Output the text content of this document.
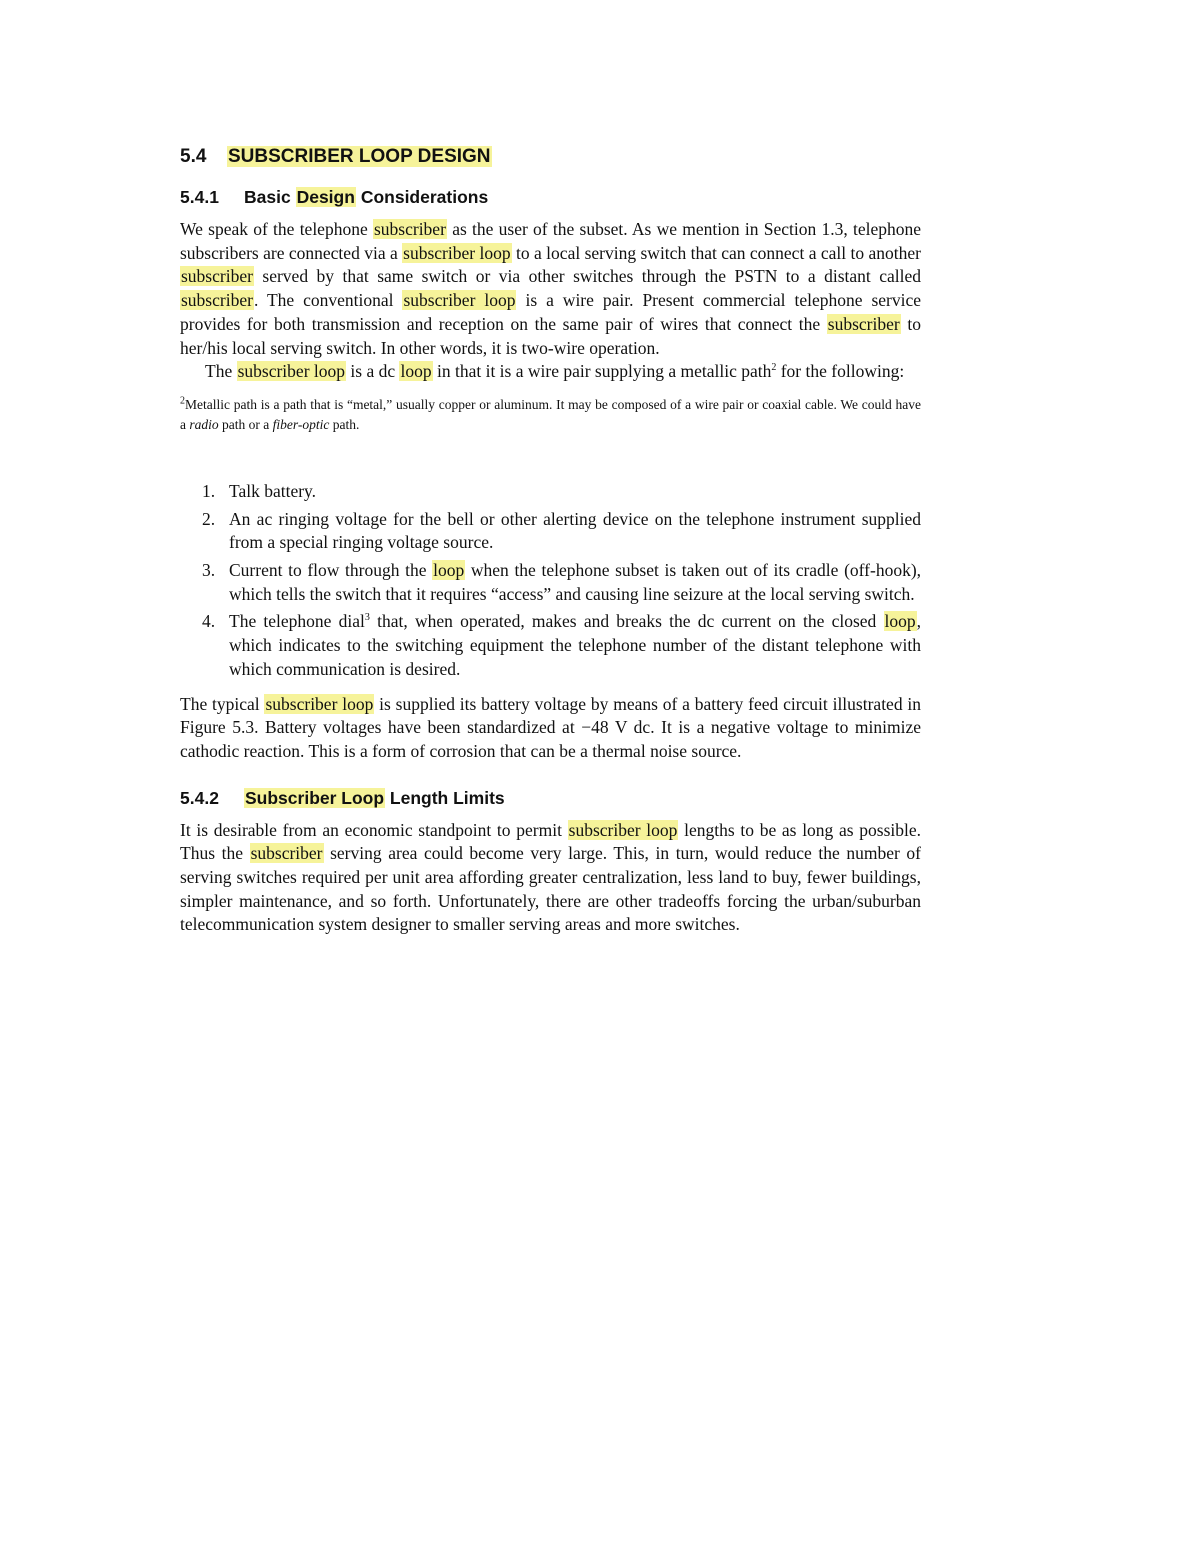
5.4 SUBSCRIBER LOOP DESIGN
5.4.1 Basic Design Considerations

We speak of the telephone subscriber as the user of the subset. As we mention in Section 1.3, telephone subscribers are connected via a subscriber loop to a local serving switch that can connect a call to another subscriber served by that same switch or via other switches through the PSTN to a distant called subscriber. The conventional subscriber loop is a wire pair. Present commercial telephone service provides for both transmission and reception on the same pair of wires that connect the subscriber to her/his local serving switch. In other words, it is two-wire operation.

The subscriber loop is a dc loop in that it is a wire pair supplying a metallic path$^2$ for the following:

$^2$Metallic path is a path that is “metal,” usually copper or aluminum. It may be composed of a wire pair or coaxial cable. We could have a radio path or a fiber-optic path.

1. Talk battery.
2. An ac ringing voltage for the bell or other alerting device on the telephone instrument supplied from a special ringing voltage source.
3. Current to flow through the loop when the telephone subset is taken out of its cradle (off-hook), which tells the switch that it requires “access” and causing line seizure at the local serving switch.
4. The telephone dial$^3$ that, when operated, makes and breaks the dc current on the closed loop, which indicates to the switching equipment the telephone number of the distant telephone with which communication is desired.

The typical subscriber loop is supplied its battery voltage by means of a battery feed circuit illustrated in Figure 5.3. Battery voltages have been standardized at −48 V dc. It is a negative voltage to minimize cathodic reaction. This is a form of corrosion that can be a thermal noise source.

5.4.2 Subscriber Loop Length Limits

It is desirable from an economic standpoint to permit subscriber loop lengths to be as long as possible. Thus the subscriber serving area could become very large. This, in turn, would reduce the number of serving switches required per unit area affording greater centralization, less land to buy, fewer buildings, simpler maintenance, and so forth. Unfortunately, there are other tradeoffs forcing the urban/suburban telecommunication system designer to smaller serving areas and more switches.
